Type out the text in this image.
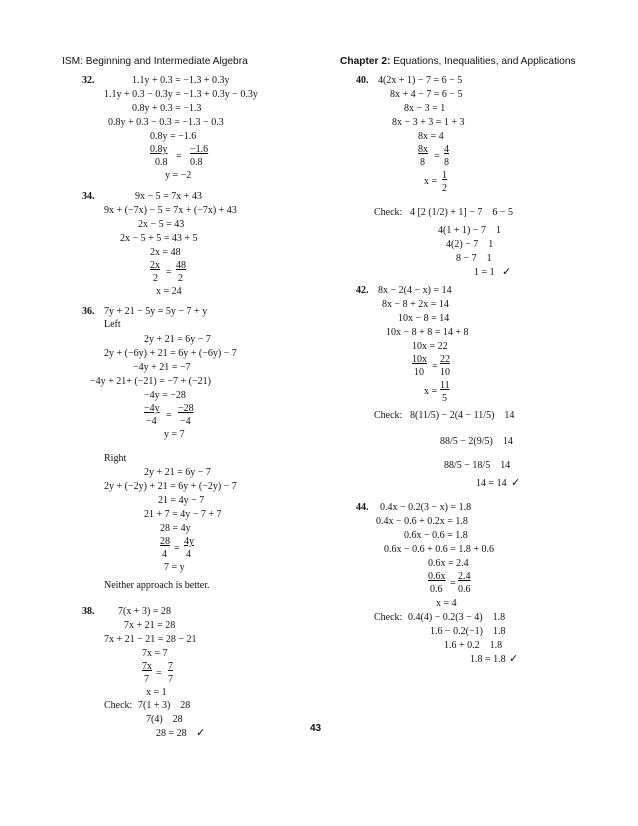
ISM: Beginning and Intermediate Algebra	Chapter 2: Equations, Inequalities, and Applications
32.	1.1y + 0.3 = −1.3 + 0.3y
1.1y + 0.3 − 0.3y = −1.3 + 0.3y − 0.3y
0.8y + 0.3 = −1.3
0.8y + 0.3 − 0.3 = −1.3 − 0.3
0.8y = −1.6
0.8y −1.6
=
0.8 0.8
y = −2
34.	9x − 5 = 7x + 43
9x + (−7x) − 5 = 7x + (−7x) + 43
2x − 5 = 43
2x − 5 + 5 = 43 + 5
2x = 48
2x 48
=
2 2
x = 24
36. 7y + 21 − 5y = 5y − 7 + y
Left
2y + 21 = 6y − 7
2y + (−6y) + 21 = 6y + (−6y) − 7
−4y + 21 = −7
−4y + 21+ (−21) = −7 + (−21)
−4y = −28
−4y −28
=
−4 −4
y = 7
Right
2y + 21 = 6y − 7
2y + (−2y) + 21 = 6y + (−2y) − 7
21 = 4y − 7
21 + 7 = 4y − 7 + 7
28 = 4y
28 4y
=
4 4
7 = y
Neither approach is better.
38. 7(x + 3) = 28
7x + 21 = 28
7x + 21 − 21 = 28 − 21
7x = 7
7x 7
=
7 7
x = 1
Check: 7(1 + 3)    28
7(4)    28
28 = 28 ✓
40. 4(2x + 1) − 7 = 6 − 5
8x + 4 − 7 = 6 − 5
8x − 3 = 1
8x − 3 + 3 = 1 + 3
8x = 4
8x 4
=
8 8
x =
1
2
Check: 4 [2 (1/2) + 1] − 7    6 − 5
4(1 + 1) − 7    1
4(2) − 7    1
8 − 7    1
1 = 1 ✓
42. 8x − 2(4 − x) = 14
8x − 8 + 2x = 14
10x − 8 = 14
10x − 8 + 8 = 14 + 8
10x = 22
10x 22
=
10 10
x =
11
5
Check: 8(11/5) − 2(4 − 11/5)    14
88/5 − 2(9/5)    14
88/5 − 18/5    14
14 = 14 ✓
44. 0.4x − 0.2(3 − x) = 1.8
0.4x − 0.6 + 0.2x = 1.8
0.6x − 0.6 = 1.8
0.6x − 0.6 + 0.6 = 1.8 + 0.6
0.6x = 2.4
0.6x 2.4
=
0.6 0.6
x = 4
Check: 0.4(4) − 0.2(3 − 4)    1.8
1.6 − 0.2(−1)    1.8
1.6 + 0.2    1.8
1.8 = 1.8 ✓
43
